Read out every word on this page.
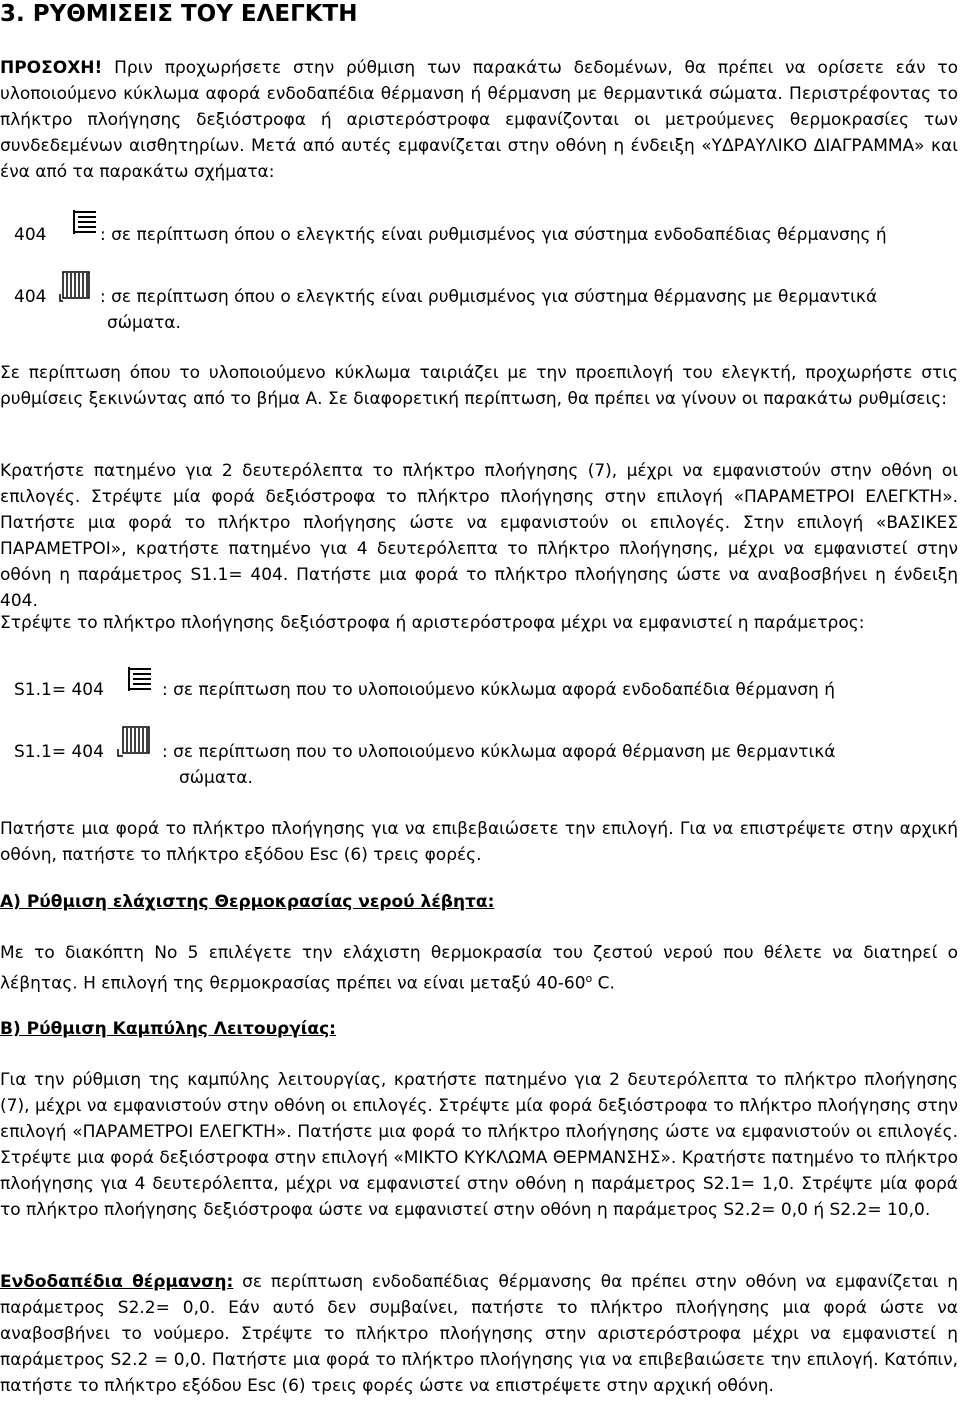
3. ΡΥΘΜΙΣΕΙΣ ΤΟΥ ΕΛΕΓΚΤΗ
ΠΡΟΣΟΧΗ! Πριν προχωρήσετε στην ρύθμιση των παρακάτω δεδομένων, θα πρέπει να ορίσετε εάν το υλοποιούμενο κύκλωμα αφορά ενδοδαπέδια θέρμανση ή θέρμανση με θερμαντικά σώματα. Περιστρέφοντας το πλήκτρο πλοήγησης δεξιόστροφα ή αριστερόστροφα εμφανίζονται οι μετρούμενες θερμοκρασίες των συνδεδεμένων αισθητηρίων. Μετά από αυτές εμφανίζεται στην οθόνη η ένδειξη «ΥΔΡΑΥΛΙΚΟ ΔΙΑΓΡΑΜΜΑ» και ένα από τα παρακάτω σχήματα:
404	: σε περίπτωση όπου ο ελεγκτής είναι ρυθμισμένος για σύστημα ενδοδαπέδιας θέρμανσης ή
404	: σε περίπτωση όπου ο ελεγκτής είναι ρυθμισμένος για σύστημα θέρμανσης με θερμαντικά
σώματα.
Σε περίπτωση όπου το υλοποιούμενο κύκλωμα ταιριάζει με την προεπιλογή του ελεγκτή, προχωρήστε στις ρυθμίσεις ξεκινώντας από το βήμα Α. Σε διαφορετική περίπτωση, θα πρέπει να γίνουν οι παρακάτω ρυθμίσεις:
Κρατήστε πατημένο για 2 δευτερόλεπτα το πλήκτρο πλοήγησης (7), μέχρι να εμφανιστούν στην οθόνη οι επιλογές. Στρέψτε μία φορά δεξιόστροφα το πλήκτρο πλοήγησης στην επιλογή «ΠΑΡΑΜΕΤΡΟΙ ΕΛΕΓΚΤΗ». Πατήστε μια φορά το πλήκτρο πλοήγησης ώστε να εμφανιστούν οι επιλογές. Στην επιλογή «ΒΑΣΙΚΕΣ ΠΑΡΑΜΕΤΡΟΙ», κρατήστε πατημένο για 4 δευτερόλεπτα το πλήκτρο πλοήγησης, μέχρι να εμφανιστεί στην οθόνη η παράμετρος S1.1= 404. Πατήστε μια φορά το πλήκτρο πλοήγησης ώστε να αναβοσβήνει η ένδειξη 404.
Στρέψτε το πλήκτρο πλοήγησης δεξιόστροφα ή αριστερόστροφα μέχρι να εμφανιστεί η παράμετρος:
S1.1= 404	: σε περίπτωση που το υλοποιούμενο κύκλωμα αφορά ενδοδαπέδια θέρμανση ή
S1.1= 404	: σε περίπτωση που το υλοποιούμενο κύκλωμα αφορά θέρμανση με θερμαντικά
σώματα.
Πατήστε μια φορά το πλήκτρο πλοήγησης για να επιβεβαιώσετε την επιλογή. Για να επιστρέψετε στην αρχική οθόνη, πατήστε το πλήκτρο εξόδου Esc (6) τρεις φορές.
Α) Ρύθμιση ελάχιστης Θερμοκρασίας νερού λέβητα:
Με το διακόπτη No 5 επιλέγετε την ελάχιστη θερμοκρασία του ζεστού νερού που θέλετε να διατηρεί ο λέβητας. Η επιλογή της θερμοκρασίας πρέπει να είναι μεταξύ 40-60$^o$ C.
Β) Ρύθμιση Καμπύλης Λειτουργίας:
Για την ρύθμιση της καμπύλης λειτουργίας, κρατήστε πατημένο για 2 δευτερόλεπτα το πλήκτρο πλοήγησης (7), μέχρι να εμφανιστούν στην οθόνη οι επιλογές. Στρέψτε μία φορά δεξιόστροφα το πλήκτρο πλοήγησης στην επιλογή «ΠΑΡΑΜΕΤΡΟΙ ΕΛΕΓΚΤΗ». Πατήστε μια φορά το πλήκτρο πλοήγησης ώστε να εμφανιστούν οι επιλογές. Στρέψτε μια φορά δεξιόστροφα στην επιλογή «ΜΙΚΤΟ ΚΥΚΛΩΜΑ ΘΕΡΜΑΝΣΗΣ». Κρατήστε πατημένο το πλήκτρο πλοήγησης για 4 δευτερόλεπτα, μέχρι να εμφανιστεί στην οθόνη η παράμετρος S2.1= 1,0. Στρέψτε μία φορά το πλήκτρο πλοήγησης δεξιόστροφα ώστε να εμφανιστεί στην οθόνη η παράμετρος S2.2= 0,0 ή S2.2= 10,0.
Ενδοδαπέδια θέρμανση: σε περίπτωση ενδοδαπέδιας θέρμανσης θα πρέπει στην οθόνη να εμφανίζεται η παράμετρος S2.2= 0,0. Εάν αυτό δεν συμβαίνει, πατήστε το πλήκτρο πλοήγησης μια φορά ώστε να αναβοσβήνει το νούμερο. Στρέψτε το πλήκτρο πλοήγησης στην αριστερόστροφα μέχρι να εμφανιστεί η παράμετρος S2.2 = 0,0. Πατήστε μια φορά το πλήκτρο πλοήγησης για να επιβεβαιώσετε την επιλογή. Κατόπιν, πατήστε το πλήκτρο εξόδου Esc (6) τρεις φορές ώστε να επιστρέψετε στην αρχική οθόνη.
